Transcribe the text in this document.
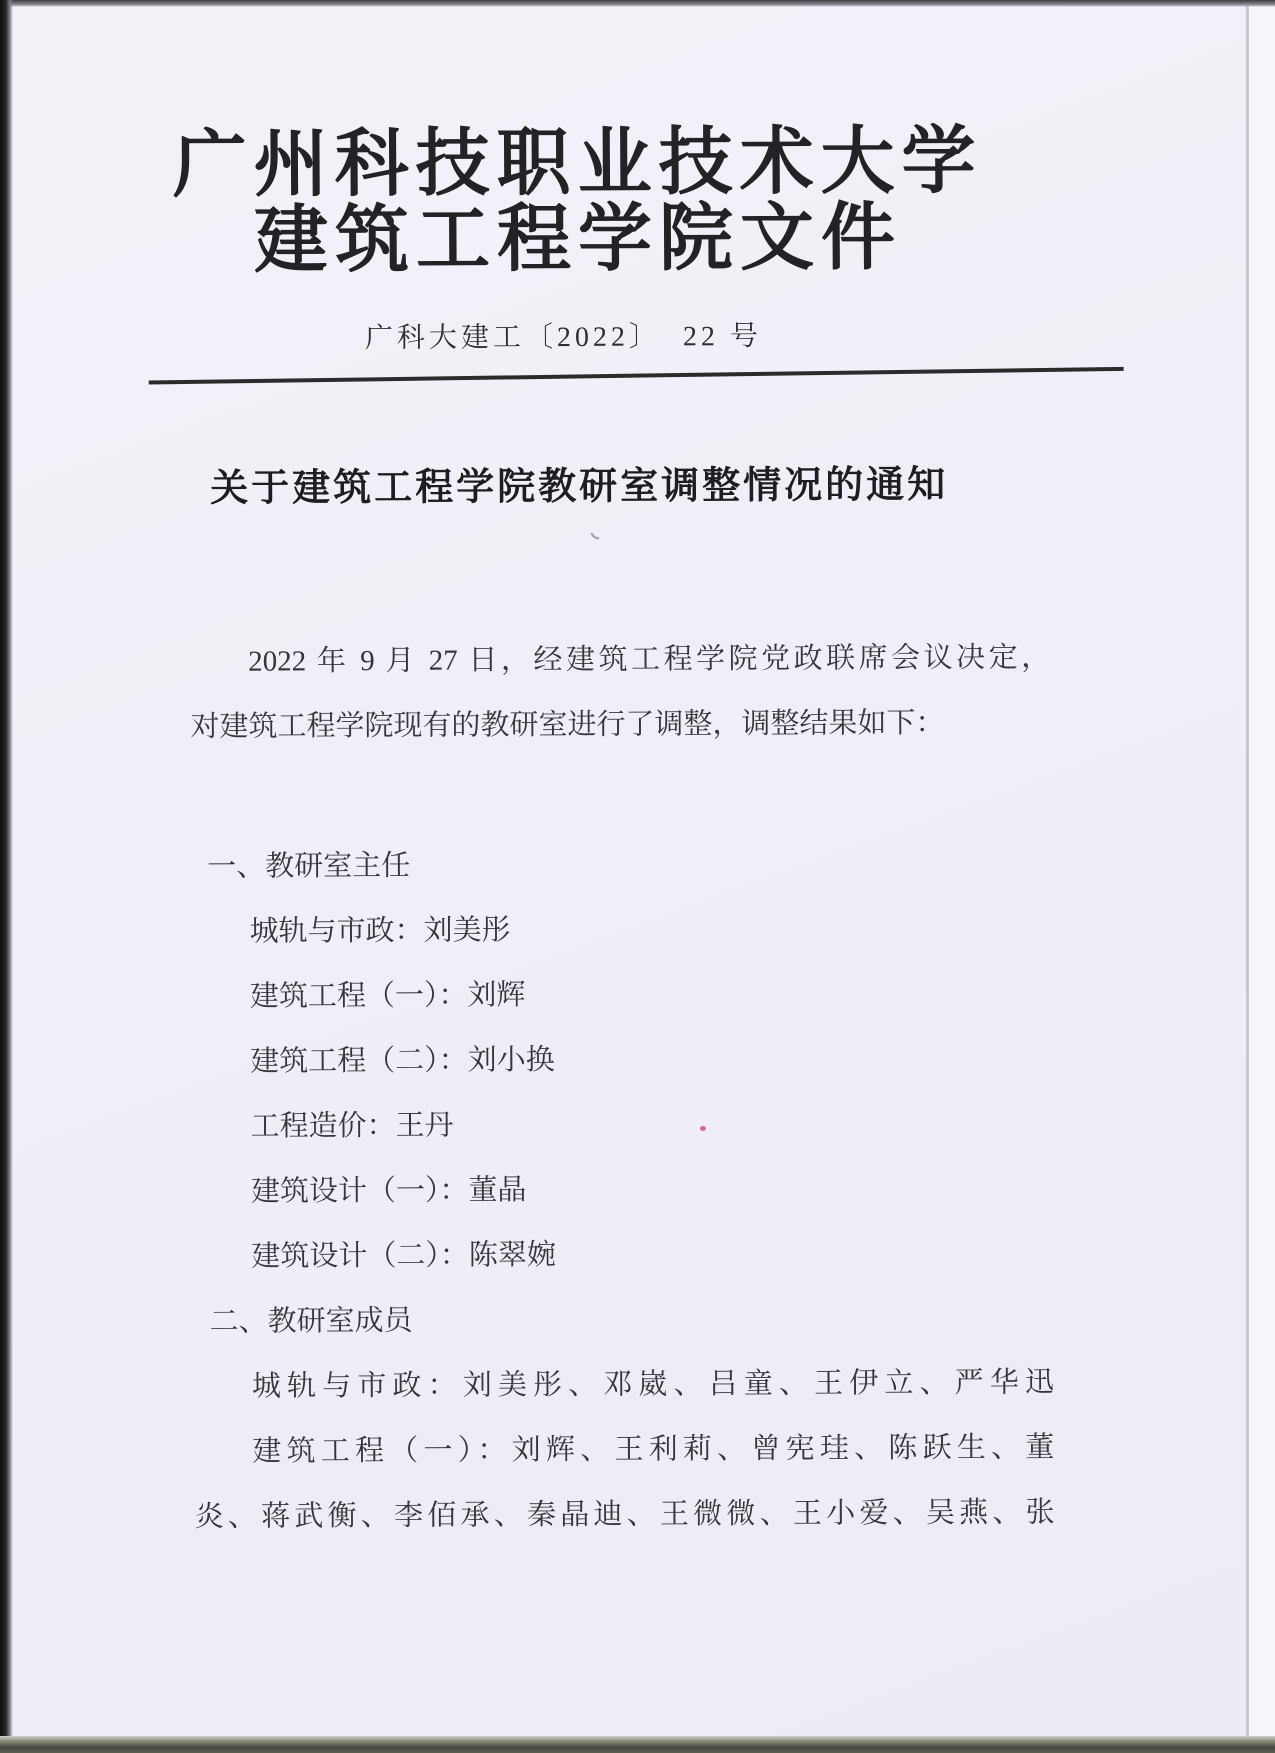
广州科技职业技术大学
建筑工程学院文件
广科大建工〔2022〕  22 号
关于建筑工程学院教研室调整情况的通知
2022 年 9 月 27 日，经建筑工程学院党政联席会议决定，
对建筑工程学院现有的教研室进行了调整，调整结果如下：
一、教研室主任
城轨与市政：刘美彤
建筑工程（一）：刘辉
建筑工程（二）：刘小换
工程造价：王丹
建筑设计（一）：董晶
建筑设计（二）：陈翠婉
二、教研室成员
城轨与市政：刘美彤、邓崴、吕童、王伊立、严华迅
建筑工程（一）：刘辉、王利莉、曾宪珪、陈跃生、董
炎、蒋武衡、李佰承、秦晶迪、王微微、王小爱、吴燕、张
